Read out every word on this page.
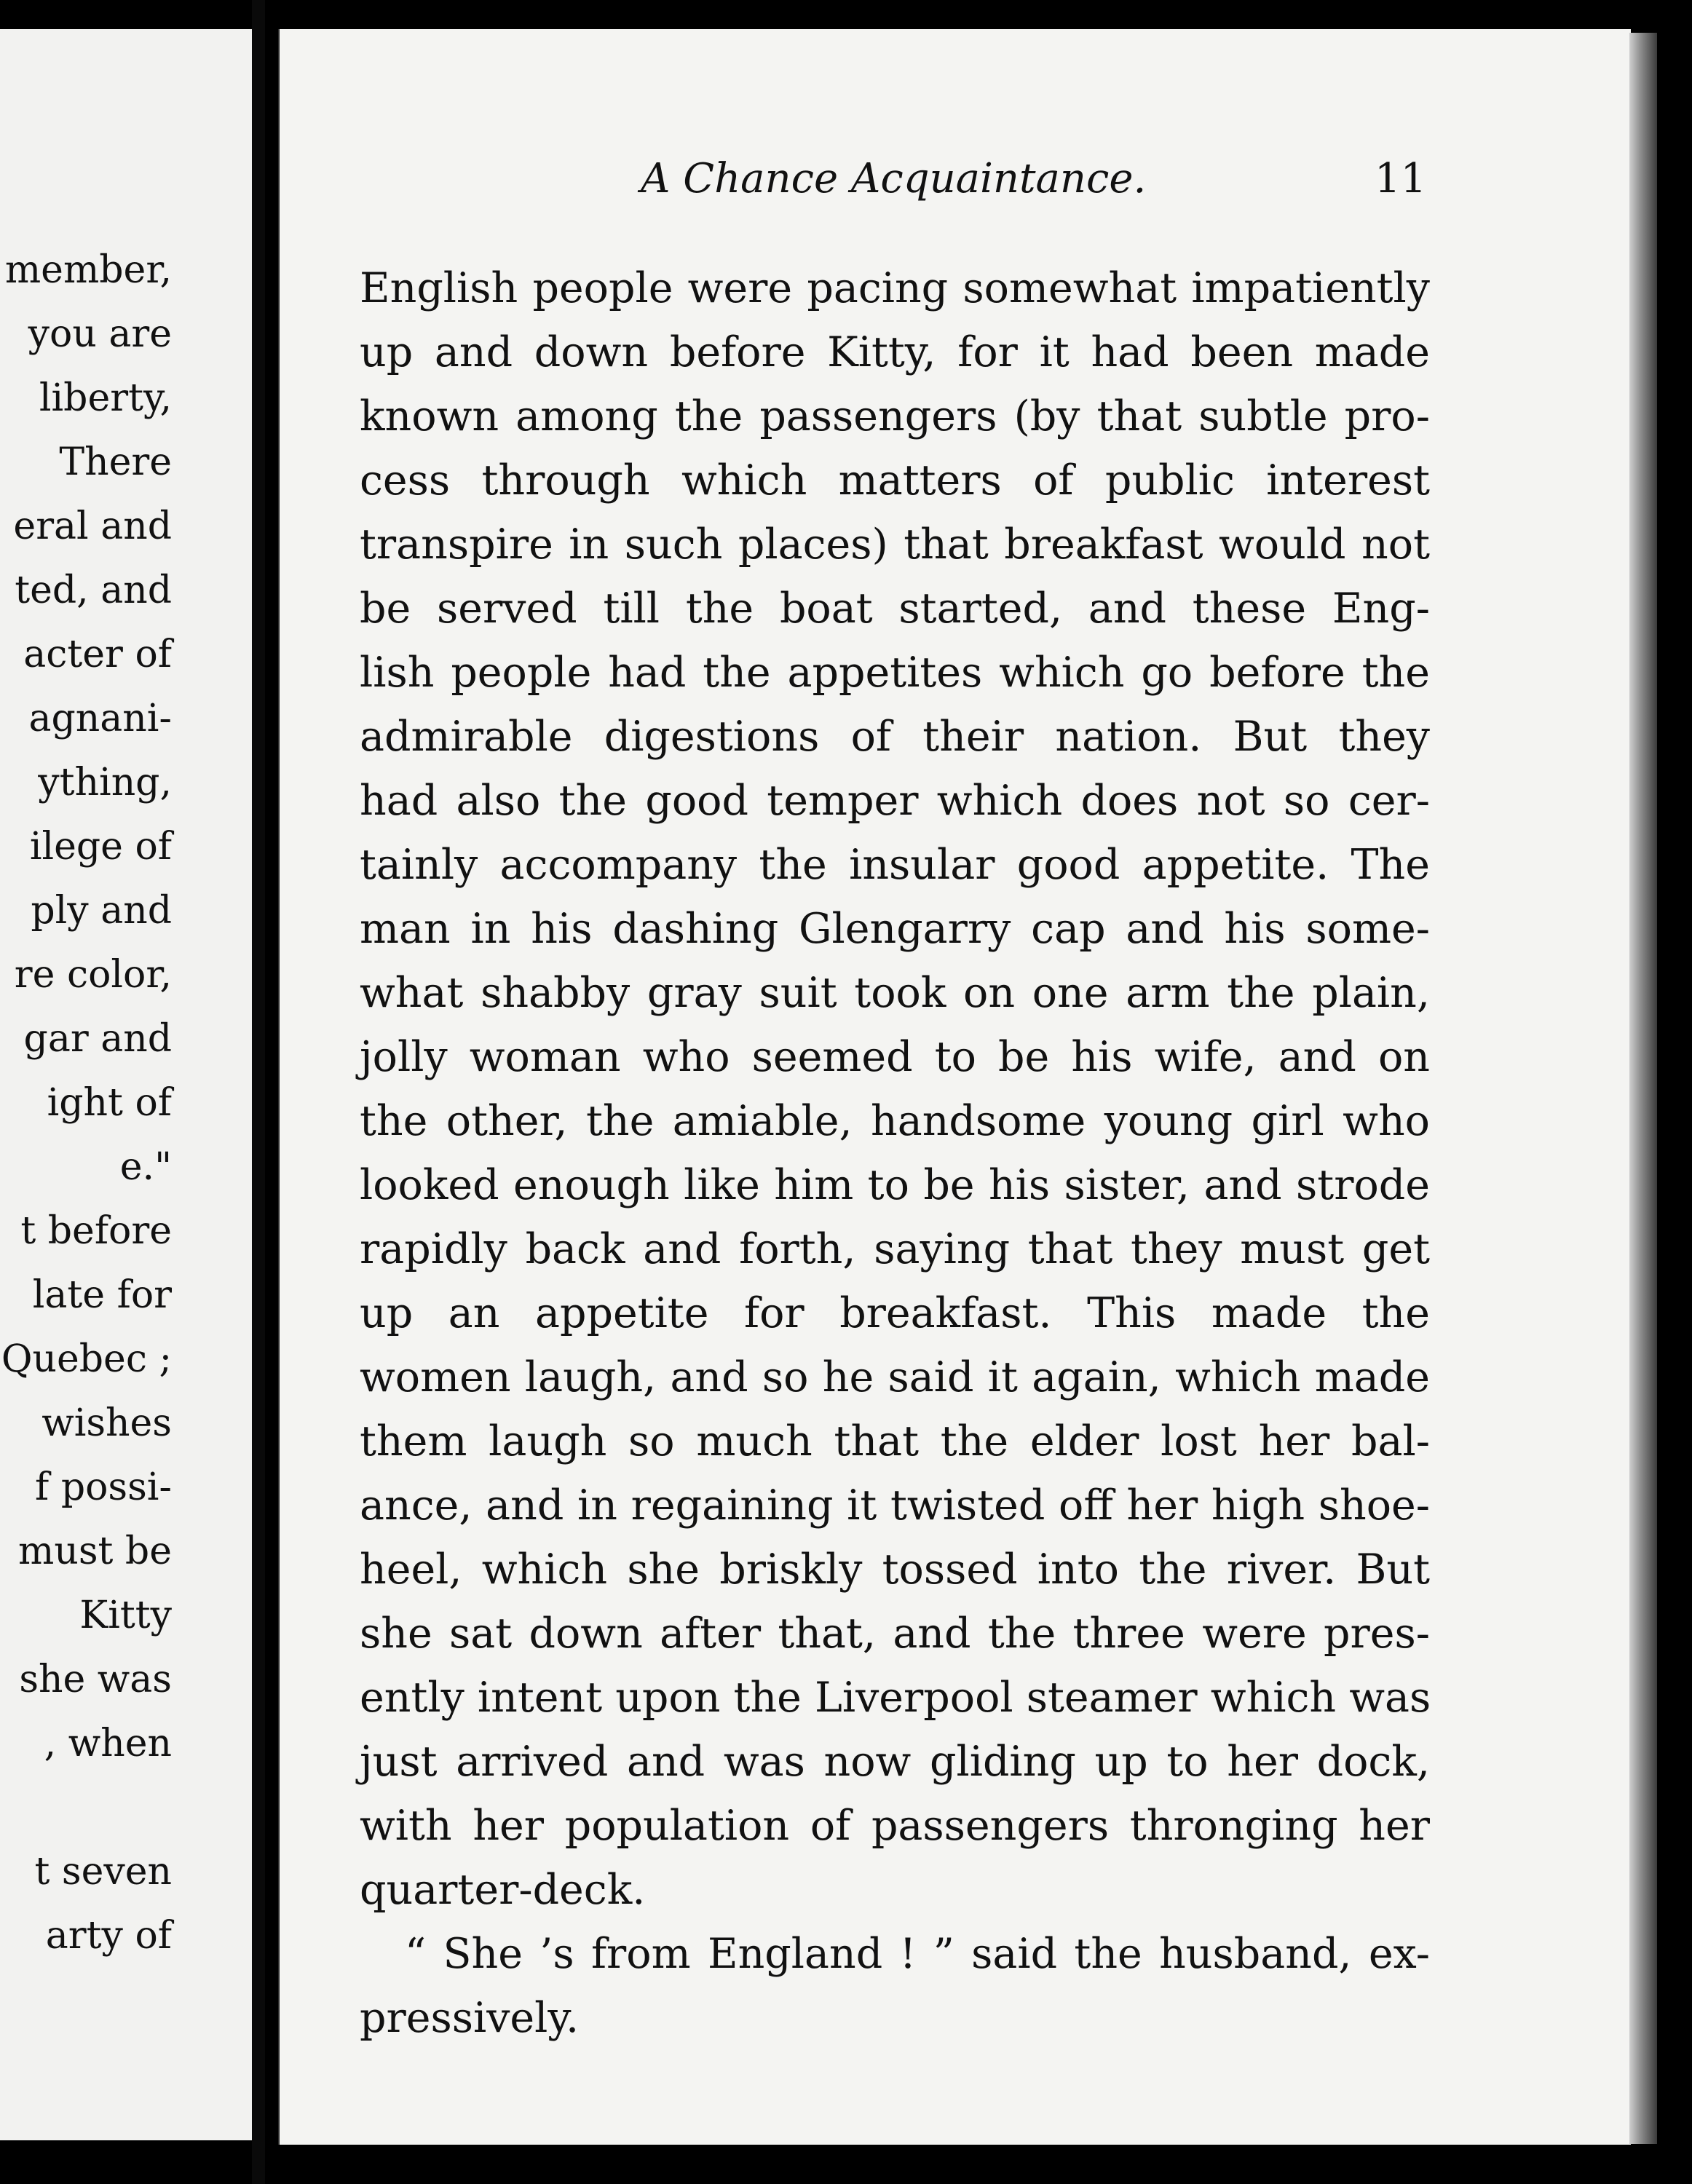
member,

you are

liberty,

There

eral and

ted, and

acter of

agnani-

ything,

ilege of

ply and

re color,

gar and

ight of

e."

t before

late for

Quebec ;

wishes

f possi-

must be

Kitty

she was

, when

t seven

arty of

A Chance Acquaintance.	11

English people were pacing somewhat impatiently

up and down before Kitty, for it had been made

known among the passengers (by that subtle pro-

cess through which matters of public interest

transpire in such places) that breakfast would not

be served till the boat started, and these Eng-

lish people had the appetites which go before the

admirable digestions of their nation. But they

had also the good temper which does not so cer-

tainly accompany the insular good appetite. The

man in his dashing Glengarry cap and his some-

what shabby gray suit took on one arm the plain,

jolly woman who seemed to be his wife, and on

the other, the amiable, handsome young girl who

looked enough like him to be his sister, and strode

rapidly back and forth, saying that they must get

up an appetite for breakfast. This made the

women laugh, and so he said it again, which made

them laugh so much that the elder lost her bal-

ance, and in regaining it twisted off her high shoe-

heel, which she briskly tossed into the river. But

she sat down after that, and the three were pres-

ently intent upon the Liverpool steamer which was

just arrived and was now gliding up to her dock,

with her population of passengers thronging her

quarter-deck.

“ She ’s from England ! ” said the husband, ex-

pressively.
